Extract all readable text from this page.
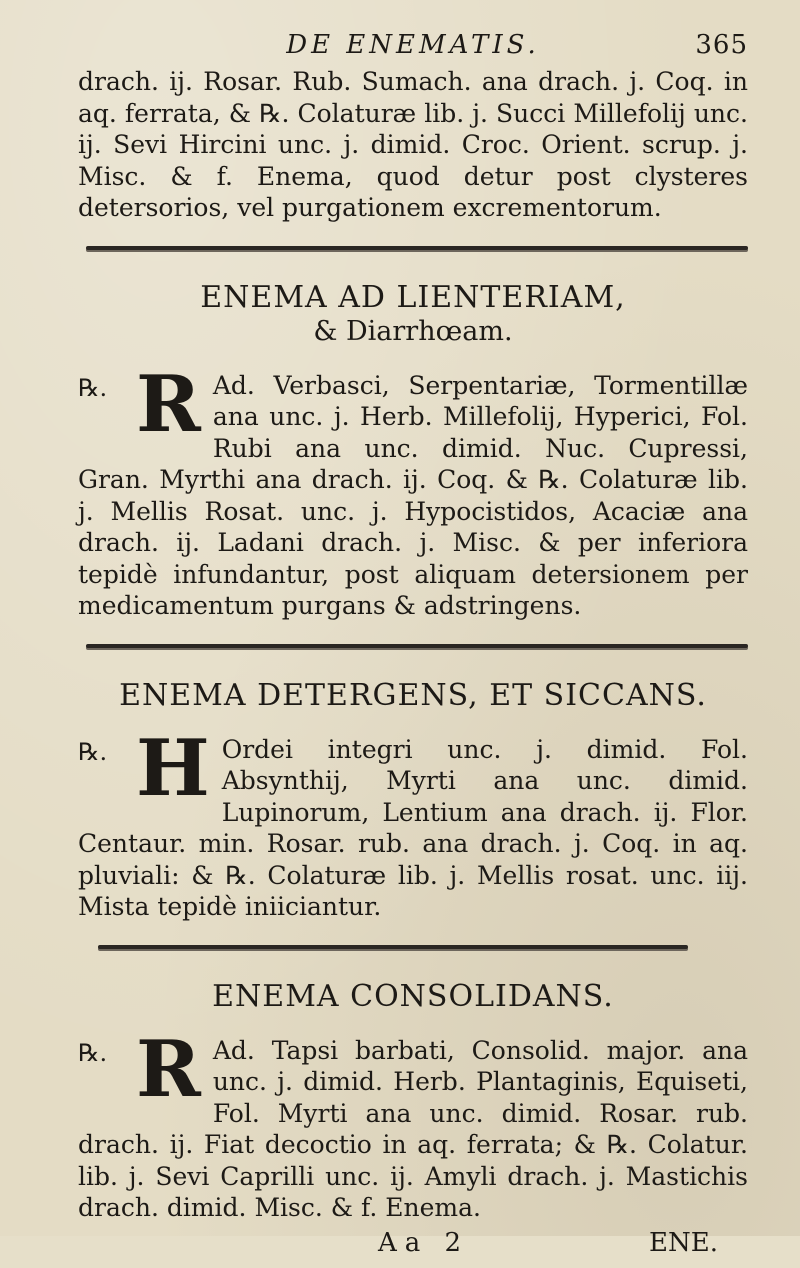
DE ENEMATIS.	365

drach. ij. Rosar. Rub. Sumach. ana drach. j. Coq. in aq. ferrata, & ℞. Colaturæ lib. j. Succi Millefolij unc. ij. Sevi Hircini unc. j. dimid. Croc. Orient. scrup. j. Misc. & f. Enema, quod detur post clysteres detersorios, vel purgationem excrementorum.

ENEMA AD LIENTERIAM,
& Diarrhœam.
℞. R Ad. Verbasci, Serpentariæ, Tormentillæ ana unc. j. Herb. Millefolij, Hyperici, Fol. Rubi ana unc. dimid. Nuc. Cupressi, Gran. Myrthi ana drach. ij. Coq. & ℞. Colaturæ lib. j. Mellis Rosat. unc. j. Hypocistidos, Acaciæ ana drach. ij. Ladani drach. j. Misc. & per inferiora tepidè infundantur, post aliquam detersionem per medicamentum purgans & adstringens.

ENEMA DETERGENS, ET SICCANS.
℞. H Ordei integri unc. j. dimid. Fol. Absynthij, Myrti ana unc. dimid. Lupinorum, Lentium ana drach. ij. Flor. Centaur. min. Rosar. rub. ana drach. j. Coq. in aq. pluviali: & ℞. Colaturæ lib. j. Mellis rosat. unc. iij. Mista tepidè iniiciantur.

ENEMA CONSOLIDANS.
℞. R Ad. Tapsi barbati, Consolid. major. ana unc. j. dimid. Herb. Plantaginis, Equiseti, Fol. Myrti ana unc. dimid. Rosar. rub. drach. ij. Fiat decoctio in aq. ferrata; & ℞. Colatur. lib. j. Sevi Caprilli unc. ij. Amyli drach. j. Mastichis drach. dimid. Misc. & f. Enema.

Aa 2	ENE.
